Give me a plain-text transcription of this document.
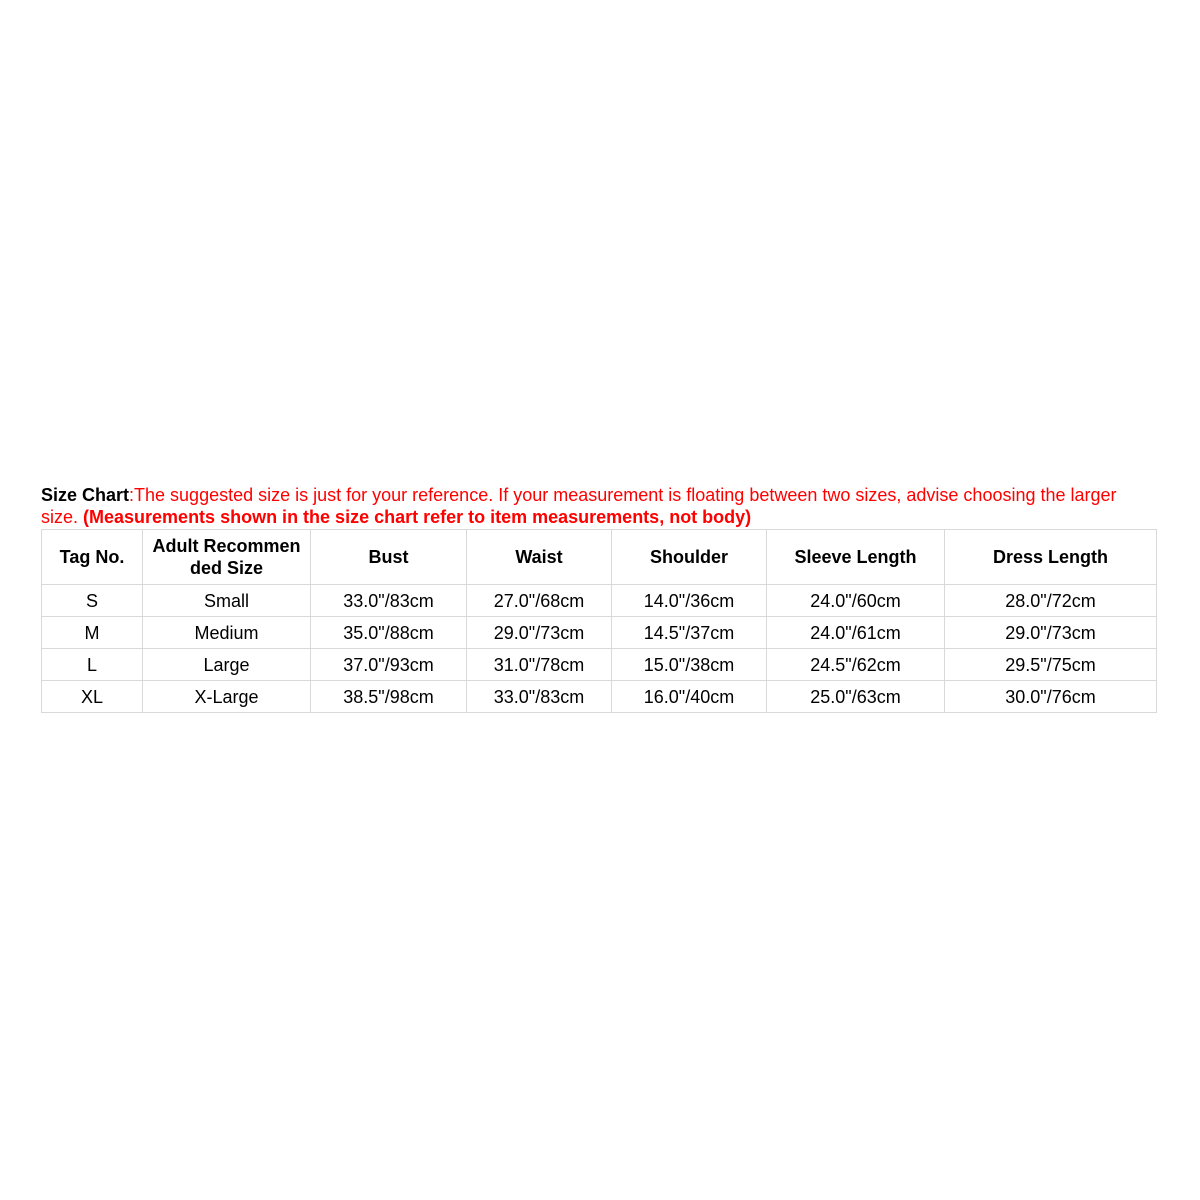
Size Chart:The suggested size is just for your reference. If your measurement is floating between two sizes, advise choosing the larger size. (Measurements shown in the size chart refer to item measurements, not body)
Tag No.	Adult Recommen ded Size	Bust	Waist	Shoulder	Sleeve Length	Dress Length
S	Small	33.0"/83cm	27.0"/68cm	14.0"/36cm	24.0"/60cm	28.0"/72cm
M	Medium	35.0"/88cm	29.0"/73cm	14.5"/37cm	24.0"/61cm	29.0"/73cm
L	Large	37.0"/93cm	31.0"/78cm	15.0"/38cm	24.5"/62cm	29.5"/75cm
XL	X-Large	38.5"/98cm	33.0"/83cm	16.0"/40cm	25.0"/63cm	30.0"/76cm
